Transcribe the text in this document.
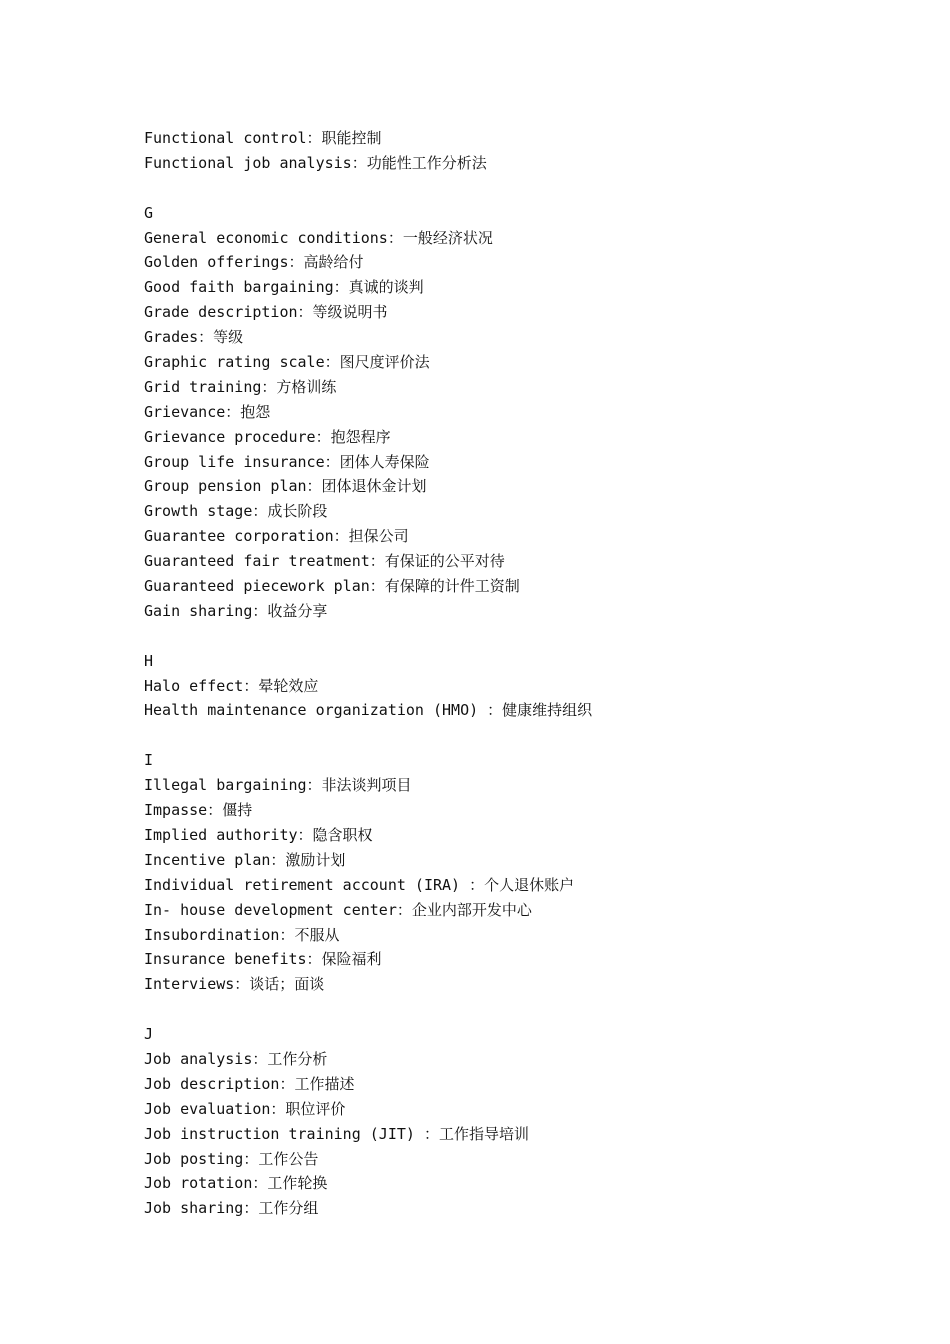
Functional control：职能控制
Functional job analysis：功能性工作分析法
G
General economic conditions：一般经济状况
Golden offerings：高龄给付
Good faith bargaining：真诚的谈判
Grade description：等级说明书
Grades：等级
Graphic rating scale：图尺度评价法
Grid training：方格训练
Grievance：抱怨
Grievance procedure：抱怨程序
Group life insurance：团体人寿保险
Group pension plan：团体退休金计划
Growth stage：成长阶段
Guarantee corporation：担保公司
Guaranteed fair treatment：有保证的公平对待
Guaranteed piecework plan：有保障的计件工资制
Gain sharing：收益分享
H
Halo effect：晕轮效应
Health maintenance organization (HMO) ：健康维持组织
I
Illegal bargaining：非法谈判项目
Impasse：僵持
Implied authority：隐含职权
Incentive plan：激励计划
Individual retirement account (IRA) ：个人退休账户
In- house development center：企业内部开发中心
Insubordination：不服从
Insurance benefits：保险福利
Interviews：谈话；面谈
J
Job analysis：工作分析
Job description：工作描述
Job evaluation：职位评价
Job instruction training (JIT) ：工作指导培训
Job posting：工作公告
Job rotation：工作轮换
Job sharing：工作分组
